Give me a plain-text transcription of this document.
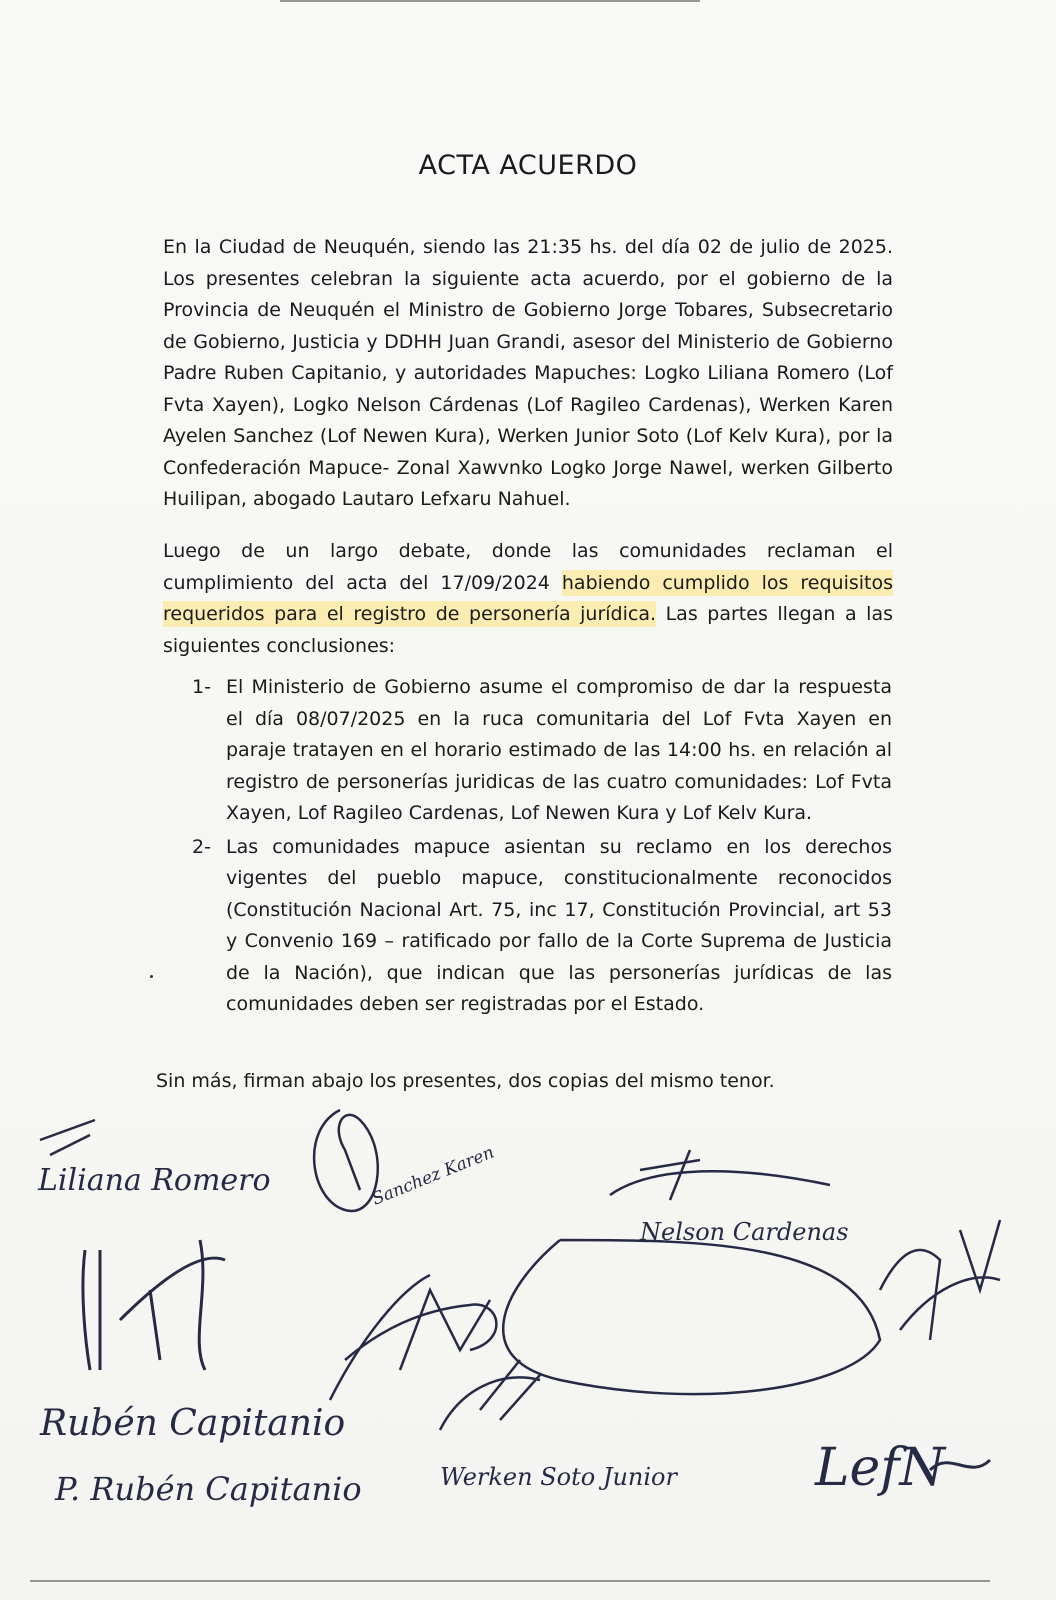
ACTA ACUERDO
En la Ciudad de Neuquén, siendo las 21:35 hs. del día 02 de julio de 2025. Los presentes celebran la siguiente acta acuerdo, por el gobierno de la Provincia de Neuquén el Ministro de Gobierno Jorge Tobares, Subsecretario de Gobierno, Justicia y DDHH Juan Grandi, asesor del Ministerio de Gobierno Padre Ruben Capitanio, y autoridades Mapuches: Logko Liliana Romero (Lof Fvta Xayen), Logko Nelson Cárdenas (Lof Ragileo Cardenas), Werken Karen Ayelen Sanchez (Lof Newen Kura), Werken Junior Soto (Lof Kelv Kura), por la Confederación Mapuce- Zonal Xawvnko Logko Jorge Nawel, werken Gilberto Huilipan, abogado Lautaro Lefxaru Nahuel.
Luego de un largo debate, donde las comunidades reclaman el cumplimiento del acta del 17/09/2024 habiendo cumplido los requisitos requeridos para el registro de personería jurídica. Las partes llegan a las siguientes conclusiones:
1- El Ministerio de Gobierno asume el compromiso de dar la respuesta el día 08/07/2025 en la ruca comunitaria del Lof Fvta Xayen en paraje tratayen en el horario estimado de las 14:00 hs. en relación al registro de personerías juridicas de las cuatro comunidades: Lof Fvta Xayen, Lof Ragileo Cardenas, Lof Newen Kura y Lof Kelv Kura.
2- Las comunidades mapuce asientan su reclamo en los derechos vigentes del pueblo mapuce, constitucionalmente reconocidos (Constitución Nacional Art. 75, inc 17, Constitución Provincial, art 53 y Convenio 169 – ratificado por fallo de la Corte Suprema de Justicia de la Nación), que indican que las personerías jurídicas de las comunidades deben ser registradas por el Estado.
Sin más, firman abajo los presentes, dos copias del mismo tenor.
Liliana Romero	Sanchez Karen
Nelson Cardenas
Rubén Capitanio
P. Rubén Capitanio	Werken Soto Junior	LefN
